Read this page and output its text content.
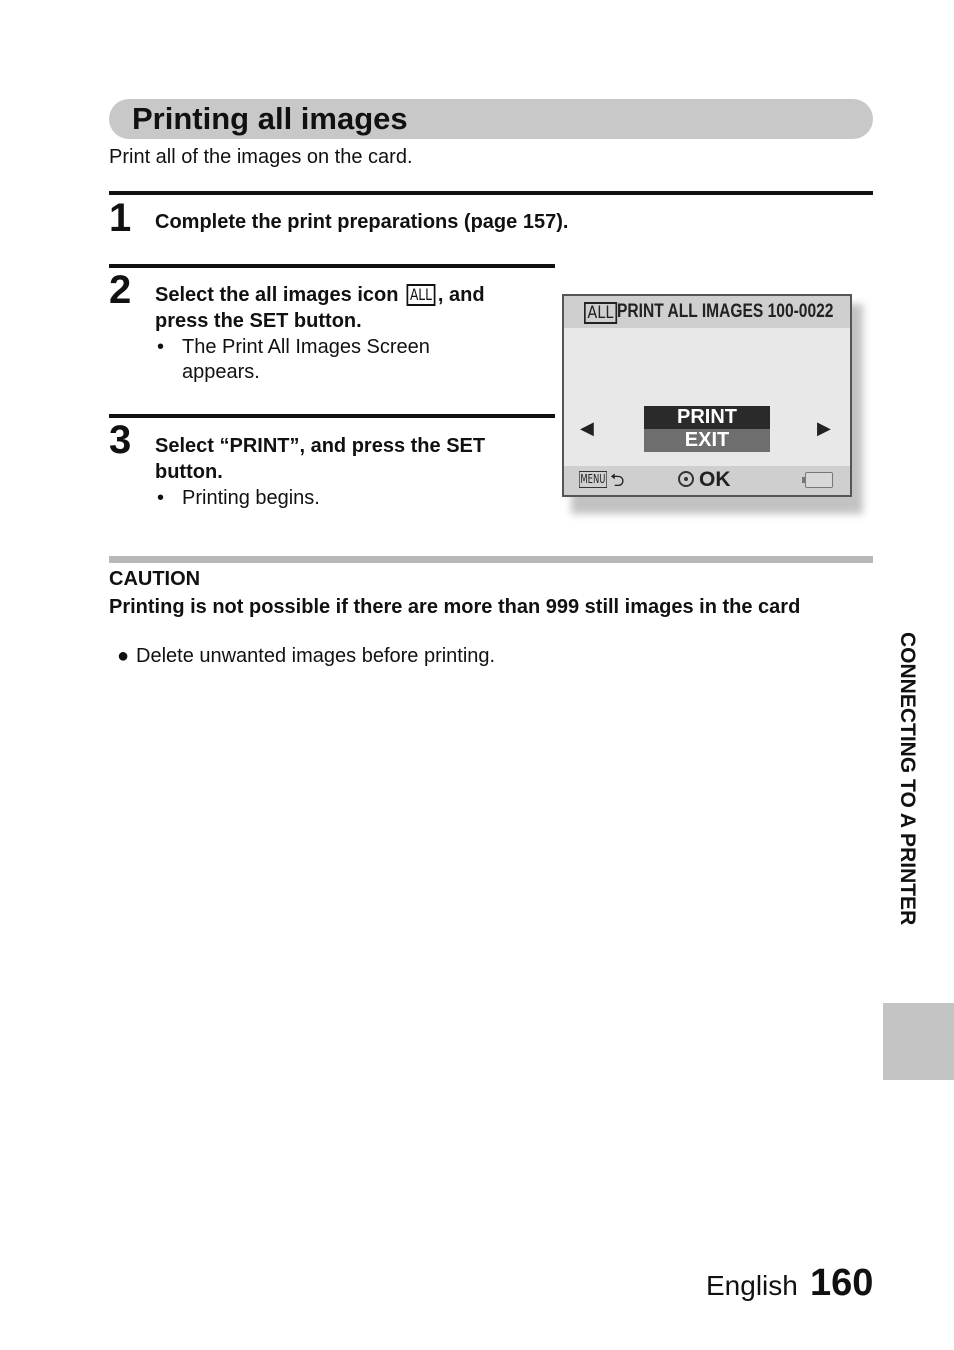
Printing all images
Print all of the images on the card.
1 Complete the print preparations (page 157).
2 Select the all images icon ALL , and
press the SET button.
• The Print All Images Screen
appears.
3 Select “PRINT”, and press the SET
button.
• Printing begins.
ALL PRINT ALL IMAGES 100-0022
◀	PRINT
EXIT
▶
MENU ⮌	OK
CAUTION
Printing is not possible if there are more than 999 still images in the card
● Delete unwanted images before printing.	CONNECTING TO A PRINTER
English 160
